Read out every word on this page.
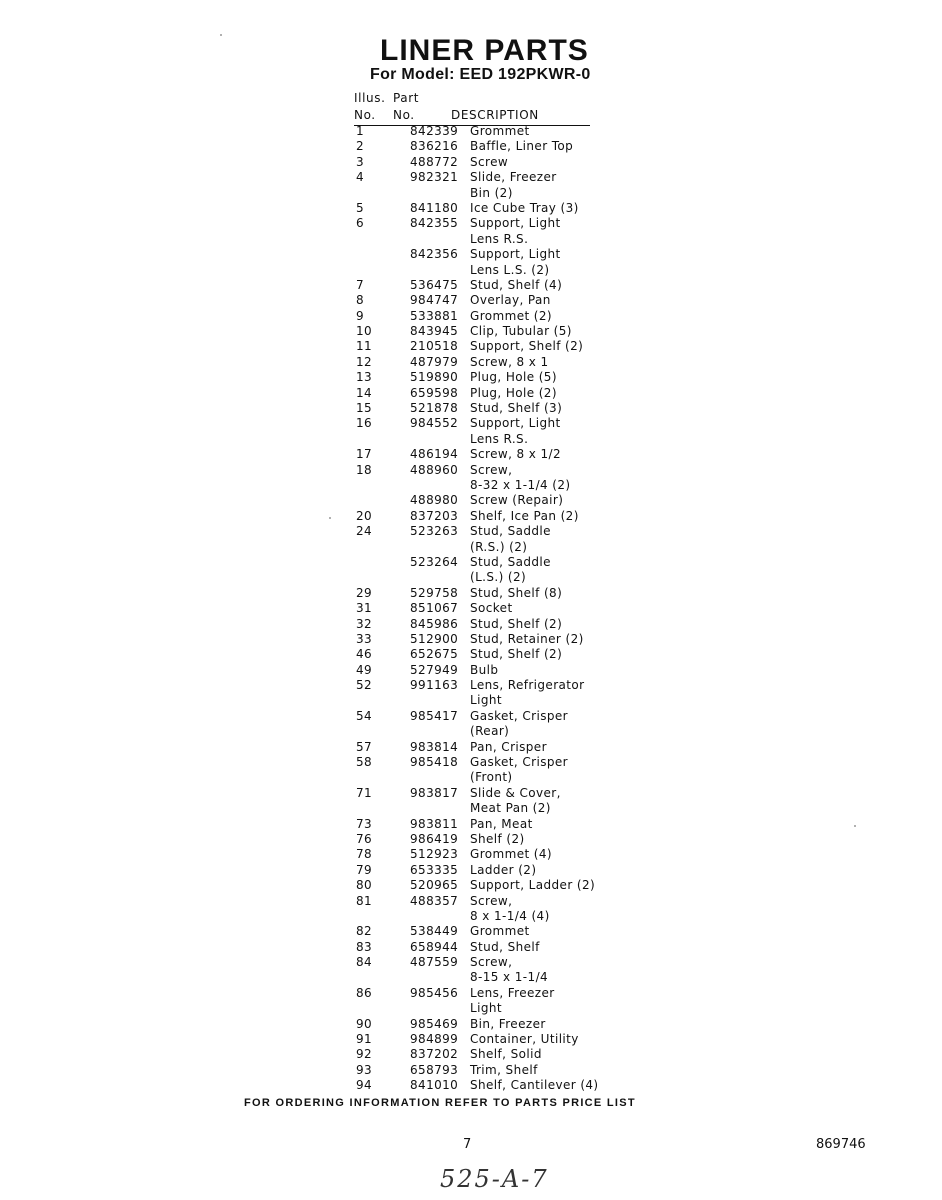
LINER PARTS
For Model: EED 192PKWR-0
Illus. Part
No. No.	DESCRIPTION
1	842339 Grommet
2	836216 Baffle, Liner Top
3	488772 Screw
4	982321 Slide, Freezer
Bin (2)
5	841180 Ice Cube Tray (3)
6	842355 Support, Light
Lens R.S.
842356 Support, Light
Lens L.S. (2)
7	536475 Stud, Shelf (4)
8	984747 Overlay, Pan
9	533881 Grommet (2)
10	843945 Clip, Tubular (5)
11	210518 Support, Shelf (2)
12	487979 Screw, 8 x 1
13	519890 Plug, Hole (5)
14	659598 Plug, Hole (2)
15	521878 Stud, Shelf (3)
16	984552 Support, Light
Lens R.S.
17	486194 Screw, 8 x 1/2
18	488960 Screw,
8-32 x 1-1/4 (2)
488980 Screw (Repair)
20	837203 Shelf, Ice Pan (2)
24	523263 Stud, Saddle
(R.S.) (2)
523264 Stud, Saddle
(L.S.) (2)
29	529758 Stud, Shelf (8)
31	851067 Socket
32	845986 Stud, Shelf (2)
33	512900 Stud, Retainer (2)
46	652675 Stud, Shelf (2)
49	527949 Bulb
52	991163 Lens, Refrigerator
Light
54	985417 Gasket, Crisper
(Rear)
57	983814 Pan, Crisper
58	985418 Gasket, Crisper
(Front)
71	983817 Slide & Cover,
Meat Pan (2)
73	983811 Pan, Meat
76	986419 Shelf (2)
78	512923 Grommet (4)
79	653335 Ladder (2)
80	520965 Support, Ladder (2)
81	488357 Screw,
8 x 1-1/4 (4)
82	538449 Grommet
83	658944 Stud, Shelf
84	487559 Screw,
8-15 x 1-1/4
86	985456 Lens, Freezer
Light
90	985469 Bin, Freezer
91	984899 Container, Utility
92	837202 Shelf, Solid
93	658793 Trim, Shelf
94	841010 Shelf, Cantilever (4)
FOR ORDERING INFORMATION REFER TO PARTS PRICE LIST
7	869746
525-A-7
